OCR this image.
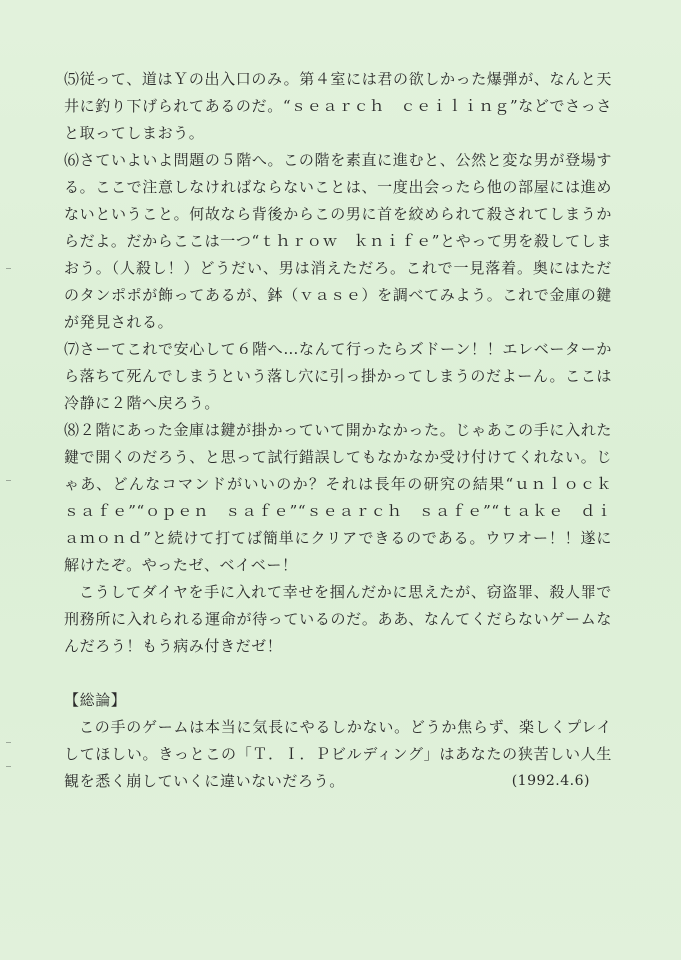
⑸従って、道はＹの出入口のみ。第４室には君の欲しかった爆弾が、なんと天井に釣り下げられてあるのだ。“ｓｅａｒｃｈ　ｃｅｉｌｉｎｇ”などでさっさと取ってしまおう。

⑹さていよいよ問題の５階へ。この階を素直に進むと、公然と変な男が登場する。ここで注意しなければならないことは、一度出会ったら他の部屋には進めないということ。何故なら背後からこの男に首を絞められて殺されてしまうからだよ。だからここは一つ“ｔｈｒｏｗ　ｋｎｉｆｅ”とやって男を殺してしまおう。（人殺し！）どうだい、男は消えただろ。これで一見落着。奥にはただのタンポポが飾ってあるが、鉢（ｖａｓｅ）を調べてみよう。これで金庫の鍵が発見される。

⑺さーてこれで安心して６階へ…なんて行ったらズドーン！！エレベーターから落ちて死んでしまうという落し穴に引っ掛かってしまうのだよーん。ここは冷静に２階へ戻ろう。

⑻２階にあった金庫は鍵が掛かっていて開かなかった。じゃあこの手に入れた鍵で開くのだろう、と思って試行錯誤してもなかなか受け付けてくれない。じゃあ、どんなコマンドがいいのか？それは長年の研究の結果“ｕｎｌｏｃｋ　ｓａｆｅ”“ｏｐｅｎ　ｓａｆｅ”“ｓｅａｒｃｈ　ｓａｆｅ”“ｔａｋｅ　ｄｉａｍｏｎｄ”と続けて打てば簡単にクリアできるのである。ウワオー！！遂に解けたぞ。やったゼ、ベイベー！

こうしてダイヤを手に入れて幸せを掴んだかに思えたが、窃盗罪、殺人罪で刑務所に入れられる運命が待っているのだ。ああ、なんてくだらないゲームなんだろう！もう病み付きだゼ！

【総論】

この手のゲームは本当に気長にやるしかない。どうか焦らず、楽しくプレイしてほしい。きっとこの「Ｔ．Ｉ．Ｐビルディング」はあなたの狭苦しい人生観を悉く崩していくに違いないだろう。	(1992.4.6)
